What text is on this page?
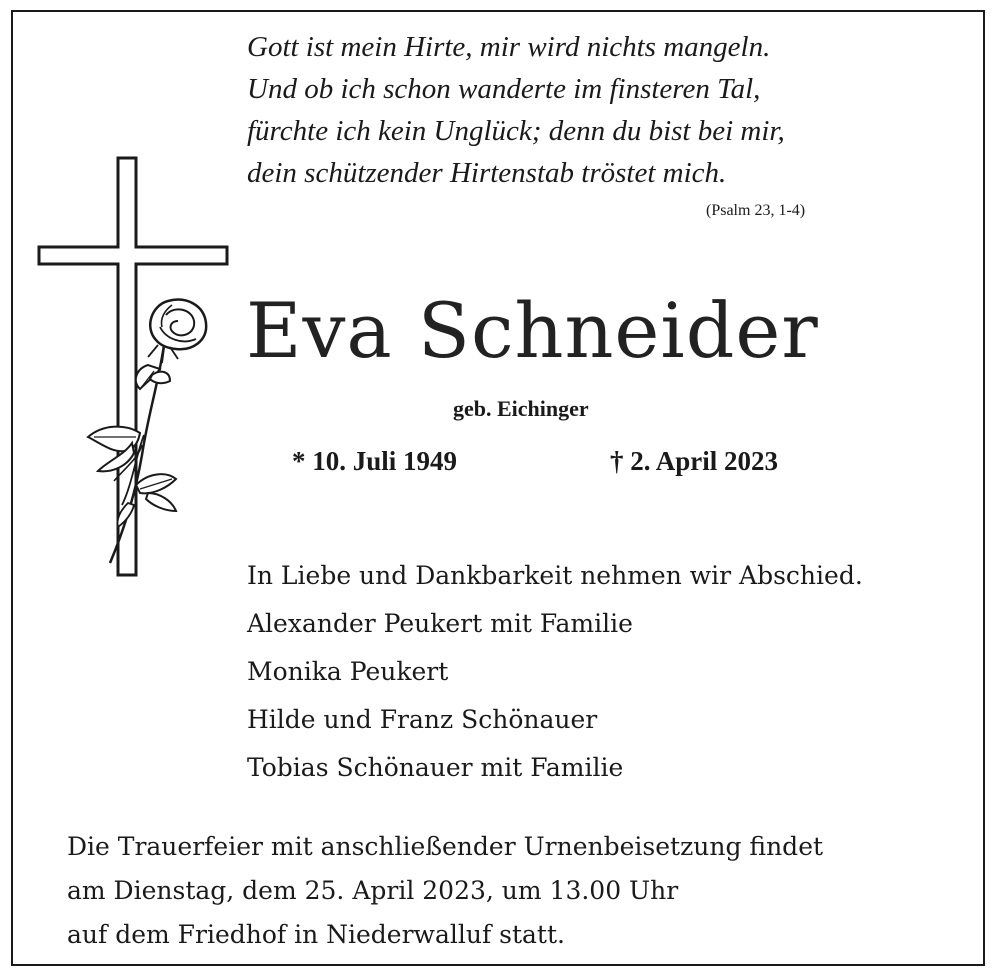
Gott ist mein Hirte, mir wird nichts mangeln.
Und ob ich schon wanderte im finsteren Tal,
fürchte ich kein Unglück; denn du bist bei mir,
dein schützender Hirtenstab tröstet mich.
(Psalm 23, 1-4)
Eva Schneider
geb. Eichinger
* 10. Juli 1949	† 2. April 2023
In Liebe und Dankbarkeit nehmen wir Abschied.
Alexander Peukert mit Familie
Monika Peukert
Hilde und Franz Schönauer
Tobias Schönauer mit Familie
Die Trauerfeier mit anschließender Urnenbeisetzung findet
am Dienstag, dem 25. April 2023, um 13.00 Uhr
auf dem Friedhof in Niederwalluf statt.
